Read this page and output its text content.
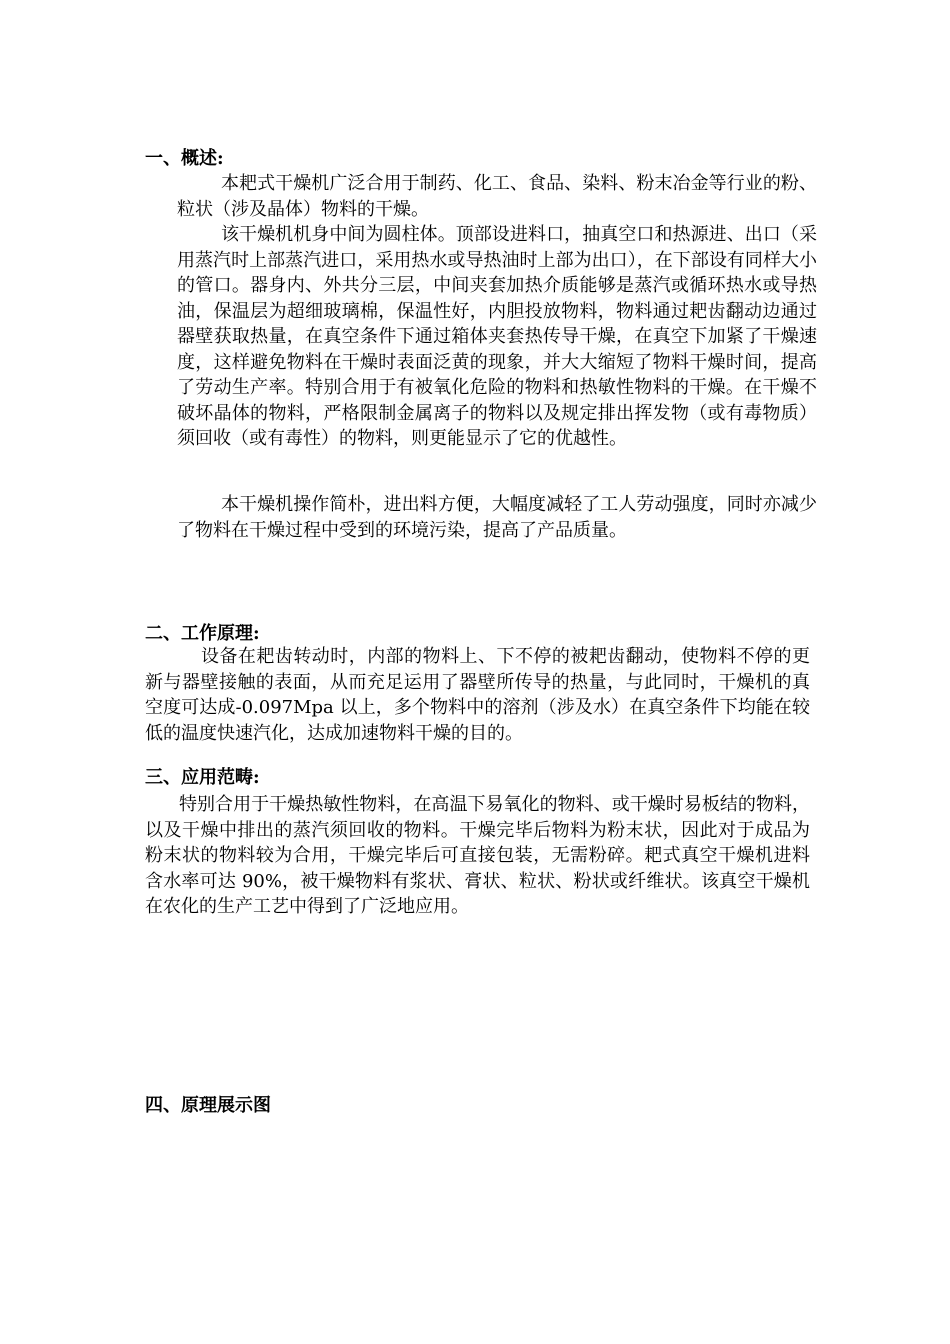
一、概述:
本耙式干燥机广泛合用于制药、化工、食品、染料、粉末冶金等行业的粉、粒状（涉及晶体）物料的干燥。
该干燥机机身中间为圆柱体。顶部设进料口，抽真空口和热源进、出口（采用蒸汽时上部蒸汽进口，采用热水或导热油时上部为出口），在下部设有同样大小的管口。器身内、外共分三层，中间夹套加热介质能够是蒸汽或循环热水或导热油，保温层为超细玻璃棉，保温性好，内胆投放物料，物料通过耙齿翻动边通过器壁获取热量，在真空条件下通过箱体夹套热传导干燥，在真空下加紧了干燥速度，这样避免物料在干燥时表面泛黄的现象，并大大缩短了物料干燥时间，提高了劳动生产率。特别合用于有被氧化危险的物料和热敏性物料的干燥。在干燥不破坏晶体的物料，严格限制金属离子的物料以及规定排出挥发物（或有毒物质）须回收（或有毒性）的物料，则更能显示了它的优越性。
本干燥机操作简朴，进出料方便，大幅度减轻了工人劳动强度，同时亦减少了物料在干燥过程中受到的环境污染，提高了产品质量。
二、工作原理:
设备在耙齿转动时，内部的物料上、下不停的被耙齿翻动，使物料不停的更新与器壁接触的表面，从而充足运用了器壁所传导的热量，与此同时，干燥机的真空度可达成-0.097Mpa 以上，多个物料中的溶剂（涉及水）在真空条件下均能在较低的温度快速汽化，达成加速物料干燥的目的。
三、应用范畴:
特别合用于干燥热敏性物料，在高温下易氧化的物料、或干燥时易板结的物料，以及干燥中排出的蒸汽须回收的物料。干燥完毕后物料为粉末状，因此对于成品为粉末状的物料较为合用，干燥完毕后可直接包装，无需粉碎。耙式真空干燥机进料含水率可达 90%，被干燥物料有浆状、膏状、粒状、粉状或纤维状。该真空干燥机在农化的生产工艺中得到了广泛地应用。
四、原理展示图
